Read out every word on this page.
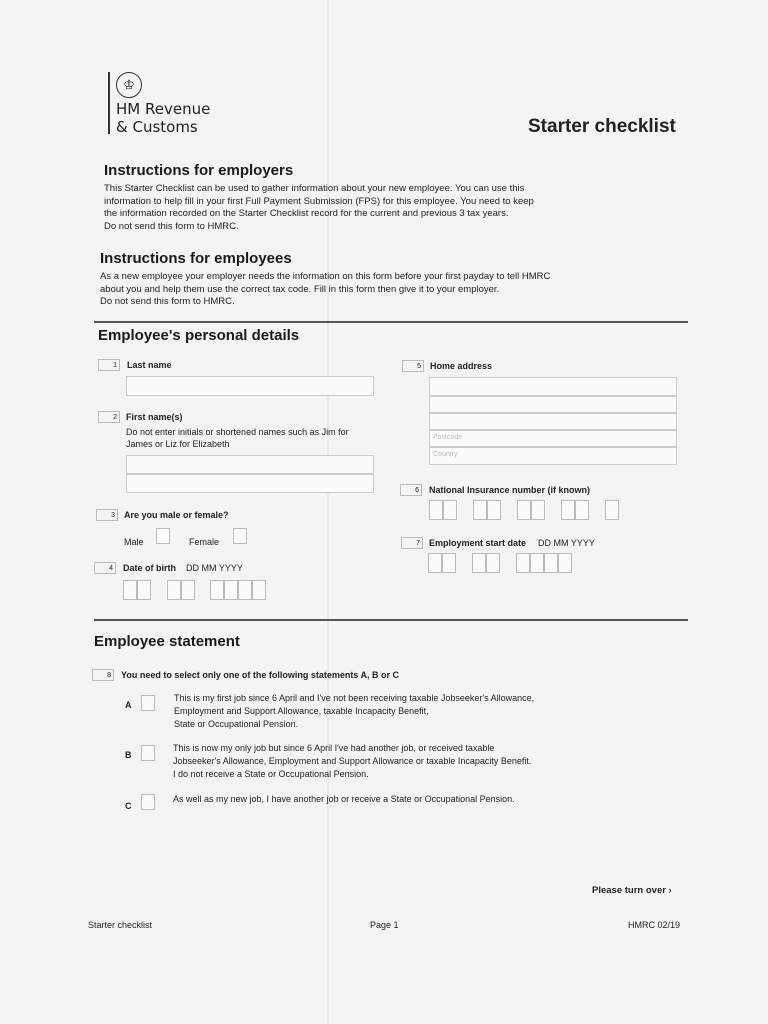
♔
HM Revenue
& Customs	Starter checklist
Instructions for employers
This Starter Checklist can be used to gather information about your new employee. You can use this
information to help fill in your first Full Payment Submission (FPS) for this employee. You need to keep
the information recorded on the Starter Checklist record for the current and previous 3 tax years.
Do not send this form to HMRC.
Instructions for employees
As a new employee your employer needs the information on this form before your first payday to tell HMRC
about you and help them use the correct tax code. Fill in this form then give it to your employer.
Do not send this form to HMRC.
Employee's personal details
1	Last name
2	First name(s)
Do not enter initials or shortened names such as Jim for
James or Liz for Elizabeth
3	Are you male or female?
Male	Female
4	Date of birth DD MM YYYY
5	Home address
Postcode
Country
6	National Insurance number (if known)
7	Employment start date DD MM YYYY
Employee statement
8	You need to select only one of the following statements A, B or C
A
This is my first job since 6 April and I've not been receiving taxable Jobseeker's Allowance,
Employment and Support Allowance, taxable Incapacity Benefit,
State or Occupational Pension.
B
This is now my only job but since 6 April I've had another job, or received taxable
Jobseeker's Allowance, Employment and Support Allowance or taxable Incapacity Benefit.
I do not receive a State or Occupational Pension.
C
As well as my new job, I have another job or receive a State or Occupational Pension.
Please turn over ›
Starter checklist	Page 1	HMRC 02/19
